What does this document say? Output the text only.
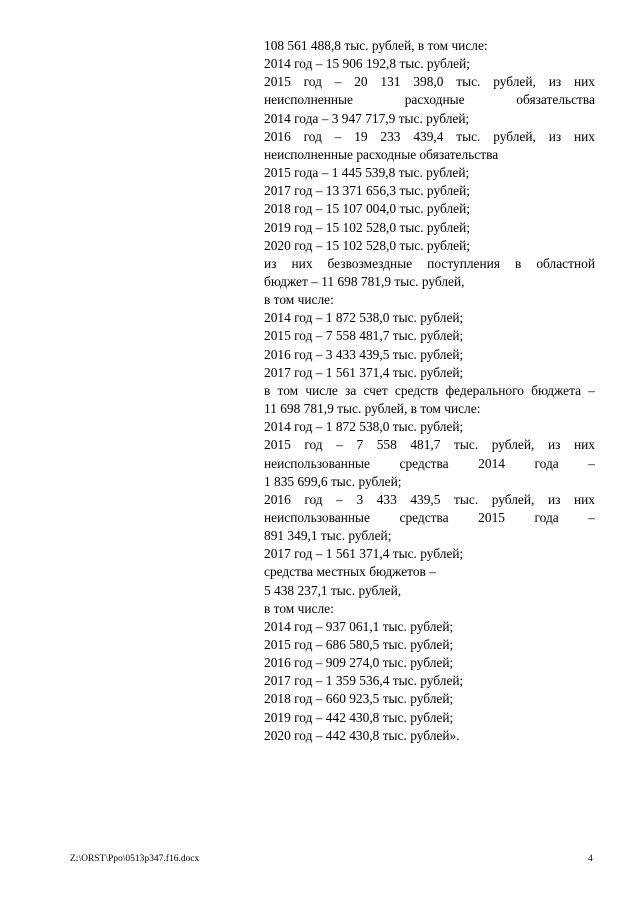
108 561 488,8 тыс. рублей, в том числе:
2014 год – 15 906 192,8 тыс. рублей;
2015 год – 20 131 398,0 тыс. рублей, из них
неисполненные расходные обязательства
2014 года – 3 947 717,9 тыс. рублей;
2016 год – 19 233 439,4 тыс. рублей, из них
неисполненные расходные обязательства
2015 года – 1 445 539,8 тыс. рублей;
2017 год – 13 371 656,3 тыс. рублей;
2018 год – 15 107 004,0 тыс. рублей;
2019 год – 15 102 528,0 тыс. рублей;
2020 год – 15 102 528,0 тыс. рублей;
из них безвозмездные поступления в областной
бюджет – 11 698 781,9 тыс. рублей,
в том числе:
2014 год – 1 872 538,0 тыс. рублей;
2015 год – 7 558 481,7 тыс. рублей;
2016 год – 3 433 439,5 тыс. рублей;
2017 год – 1 561 371,4 тыс. рублей;
в том числе за счет средств федерального бюджета –
11 698 781,9 тыс. рублей, в том числе:
2014 год – 1 872 538,0 тыс. рублей;
2015 год – 7 558 481,7 тыс. рублей, из них
неиспользованные средства 2014 года –
1 835 699,6 тыс. рублей;
2016 год – 3 433 439,5 тыс. рублей, из них
неиспользованные средства 2015 года –
891 349,1 тыс. рублей;
2017 год – 1 561 371,4 тыс. рублей;
средства местных бюджетов –
5 438 237,1 тыс. рублей,
в том числе:
2014 год – 937 061,1 тыс. рублей;
2015 год – 686 580,5 тыс. рублей;
2016 год – 909 274,0 тыс. рублей;
2017 год – 1 359 536,4 тыс. рублей;
2018 год – 660 923,5 тыс. рублей;
2019 год – 442 430,8 тыс. рублей;
2020 год – 442 430,8 тыс. рублей».
Z:\ORST\Ppo\0513p347.f16.docx	4
